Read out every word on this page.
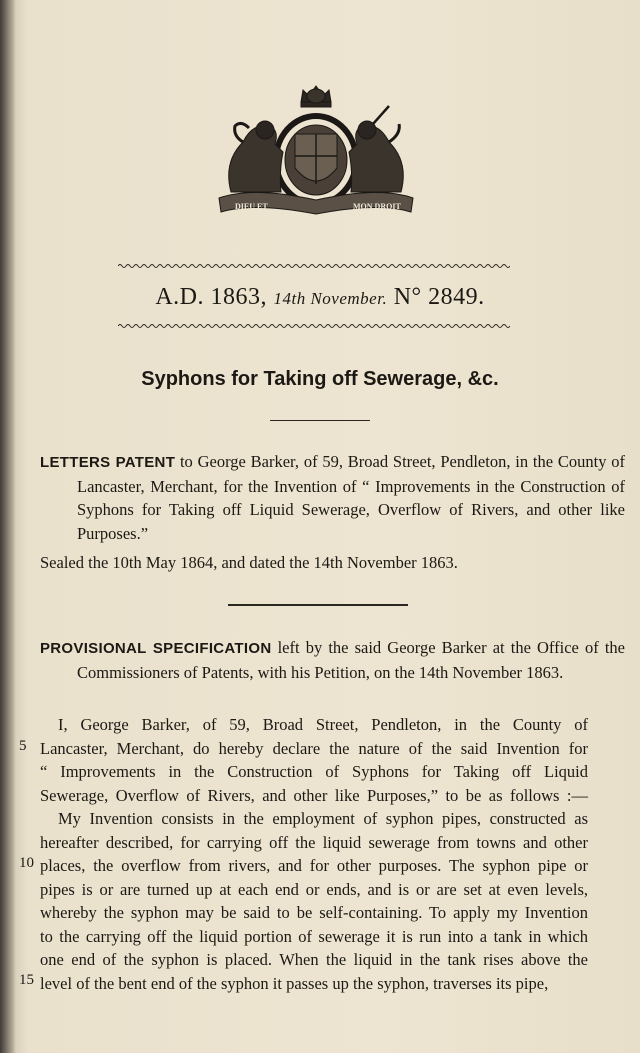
DIEU ET	MON DROIT
A.D. 1863, 14th November. N° 2849.
Syphons for Taking off Sewerage, &c.
LETTERS PATENT to George Barker, of 59, Broad Street, Pendleton, in the County of Lancaster, Merchant, for the Invention of “ Improvements in the Construction of Syphons for Taking off Liquid Sewerage, Overflow of Rivers, and other like Purposes.”
Sealed the 10th May 1864, and dated the 14th November 1863.
PROVISIONAL SPECIFICATION left by the said George Barker at the Office of the Commissioners of Patents, with his Petition, on the 14th November 1863.
I, George Barker, of 59, Broad Street, Pendleton, in the County of
Lancaster, Merchant, do hereby declare the nature of the said Invention for
“ Improvements in the Construction of Syphons for Taking off Liquid
Sewerage, Overflow of Rivers, and other like Purposes,” to be as follows :—
My Invention consists in the employment of syphon pipes, constructed as
hereafter described, for carrying off the liquid sewerage from towns and other
places, the overflow from rivers, and for other purposes. The syphon pipe or
pipes is or are turned up at each end or ends, and is or are set at even levels,
whereby the syphon may be said to be self-containing. To apply my Invention
to the carrying off the liquid portion of sewerage it is run into a tank in which
one end of the syphon is placed. When the liquid in the tank rises above the
level of the bent end of the syphon it passes up the syphon, traverses its pipe,
5
10
15
